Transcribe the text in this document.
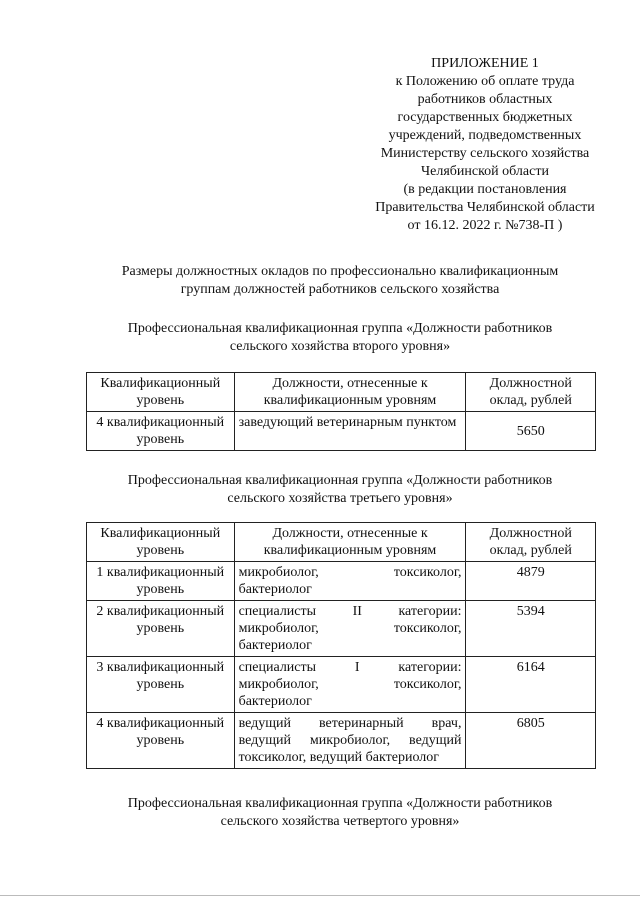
ПРИЛОЖЕНИЕ 1
к Положению об оплате труда
работников областных
государственных бюджетных
учреждений, подведомственных
Министерству сельского хозяйства
Челябинской области
(в редакции постановления
Правительства Челябинской области
от 16.12. 2022 г. №738-П )
Размеры должностных окладов по профессионально квалификационным
группам должностей работников сельского хозяйства
Профессиональная квалификационная группа «Должности работников
сельского хозяйства второго уровня»
Квалификационный уровень	Должности, отнесенные к квалификационным уровням	Должностной оклад, рублей
4 квалификационный уровень	заведующий ветеринарным пунктом	5650
Профессиональная квалификационная группа «Должности работников
сельского хозяйства третьего уровня»
Квалификационный уровень	Должности, отнесенные к квалификационным уровням	Должностной оклад, рублей
1 квалификационный уровень	микробиолог, токсиколог, бактериолог	4879
2 квалификационный уровень	специалисты II категории: микробиолог, токсиколог, бактериолог	5394
3 квалификационный уровень	специалисты I категории: микробиолог, токсиколог, бактериолог	6164
4 квалификационный уровень	ведущий ветеринарный врач, ведущий микробиолог, ведущий токсиколог, ведущий бактериолог	6805
Профессиональная квалификационная группа «Должности работников
сельского хозяйства четвертого уровня»
